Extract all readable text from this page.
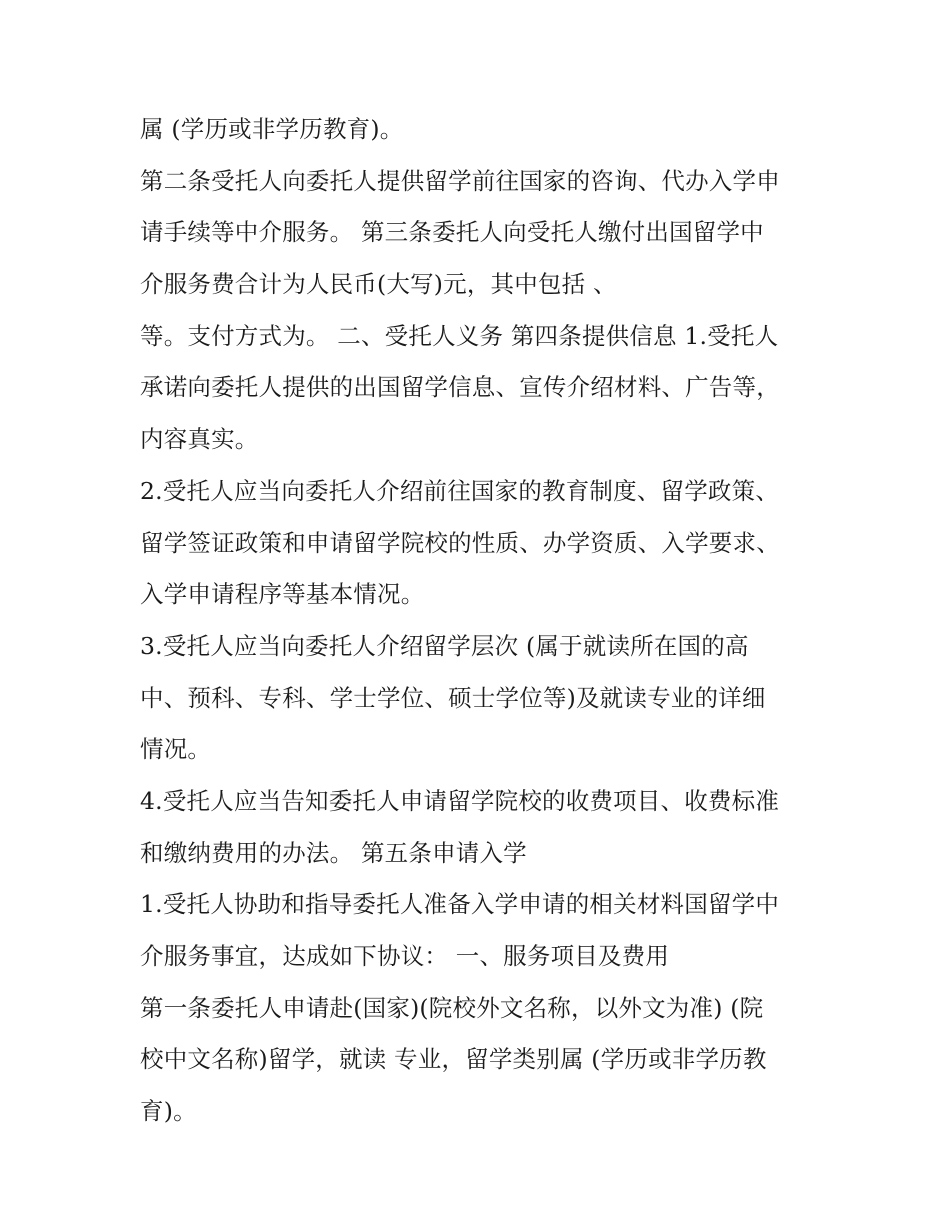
属 (学历或非学历教育)。
第二条受托人向委托人提供留学前往国家的咨询、代办入学申
请手续等中介服务。 第三条委托人向受托人缴付出国留学中
介服务费合计为人民币(大写)元，其中包括 、
等。支付方式为。 二、受托人义务 第四条提供信息 1.受托人
承诺向委托人提供的出国留学信息、宣传介绍材料、广告等，
内容真实。
2.受托人应当向委托人介绍前往国家的教育制度、留学政策、
留学签证政策和申请留学院校的性质、办学资质、入学要求、
入学申请程序等基本情况。
3.受托人应当向委托人介绍留学层次 (属于就读所在国的高
中、预科、专科、学士学位、硕士学位等)及就读专业的详细
情况。
4.受托人应当告知委托人申请留学院校的收费项目、收费标准
和缴纳费用的办法。 第五条申请入学
1.受托人协助和指导委托人准备入学申请的相关材料国留学中
介服务事宜，达成如下协议： 一、服务项目及费用
第一条委托人申请赴(国家)(院校外文名称，以外文为准) (院
校中文名称)留学，就读 专业，留学类别属 (学历或非学历教
育)。
